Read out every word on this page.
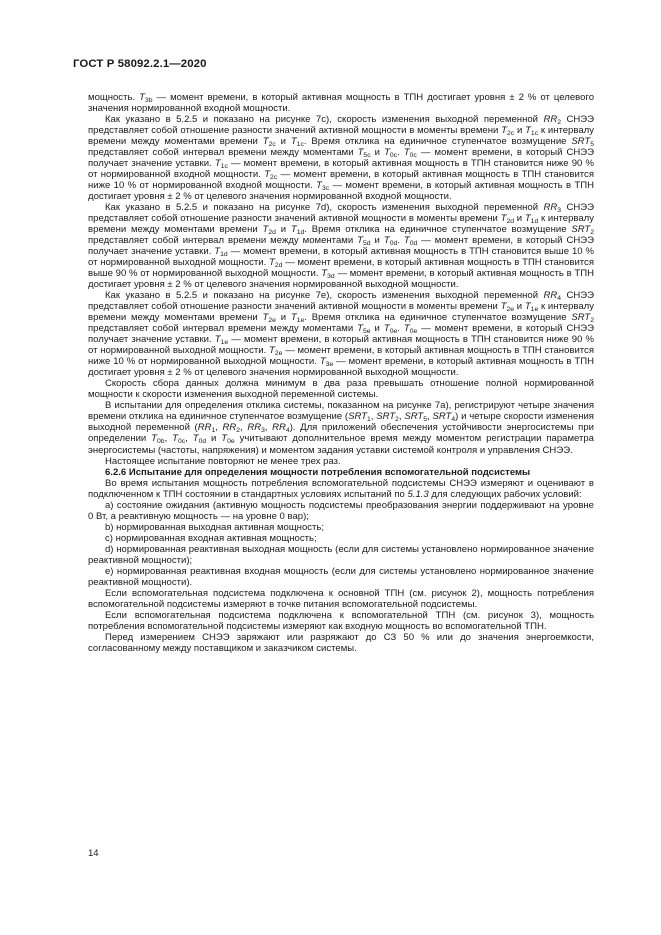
ГОСТ Р 58092.2.1—2020

мощность. $T_{3b}$ — момент времени, в который активная мощность в ТПН достигает уровня ± 2 % от целевого значения нормированной входной мощности.

Как указано в 5.2.5 и показано на рисунке 7c), скорость изменения выходной переменной $RR_2$ СНЭЭ представляет собой отношение разности значений активной мощности в моменты времени $T_{2c}$ и $T_{1c}$ к интервалу времени между моментами времени $T_{2c}$ и $T_{1c}$. Время отклика на единичное ступенчатое возмущение $SRT_5$ представляет собой интервал времени между моментами $T_{5c}$ и $T_{0c}$. $T_{0c}$ — момент времени, в который СНЭЭ получает значение уставки. $T_{1c}$ — момент времени, в который активная мощность в ТПН становится ниже 90 % от нормированной входной мощности. $T_{2c}$ — момент времени, в который активная мощность в ТПН становится ниже 10 % от нормированной входной мощности. $T_{3c}$ — момент времени, в который активная мощность в ТПН достигает уровня ± 2 % от целевого значения нормированной входной мощности.

Как указано в 5.2.5 и показано на рисунке 7d), скорость изменения выходной переменной $RR_3$ СНЭЭ представляет собой отношение разности значений активной мощности в моменты времени $T_{2d}$ и $T_{1d}$ к интервалу времени между моментами времени $T_{2d}$ и $T_{1d}$. Время отклика на единичное ступенчатое возмущение $SRT_2$ представляет собой интервал времени между моментами $T_{5d}$ и $T_{0d}$. $T_{0d}$ — момент времени, в который СНЭЭ получает значение уставки. $T_{1d}$ — момент времени, в который активная мощность в ТПН становится выше 10 % от нормированной выходной мощности. $T_{2d}$ — момент времени, в который активная мощность в ТПН становится выше 90 % от нормированной выходной мощности. $T_{3d}$ — момент времени, в который активная мощность в ТПН достигает уровня ± 2 % от целевого значения нормированной выходной мощности.

Как указано в 5.2.5 и показано на рисунке 7e), скорость изменения выходной переменной $RR_4$ СНЭЭ представляет собой отношение разности значений активной мощности в моменты времени $T_{2e}$ и $T_{1e}$ к интервалу времени между моментами времени $T_{2e}$ и $T_{1e}$. Время отклика на единичное ступенчатое возмущение $SRT_2$ представляет собой интервал времени между моментами $T_{5e}$ и $T_{0e}$. $T_{0e}$ — момент времени, в который СНЭЭ получает значение уставки. $T_{1e}$ — момент времени, в который активная мощность в ТПН становится ниже 90 % от нормированной выходной мощности. $T_{2e}$ — момент времени, в который активная мощность в ТПН становится ниже 10 % от нормированной выходной мощности. $T_{3e}$ — момент времени, в который активная мощность в ТПН достигает уровня ± 2 % от целевого значения нормированной выходной мощности.

Скорость сбора данных должна минимум в два раза превышать отношение полной нормированной мощности к скорости изменения выходной переменной системы.

В испытании для определения отклика системы, показанном на рисунке 7a), регистрируют четыре значения времени отклика на единичное ступенчатое возмущение ($SRT_1$, $SRT_2$, $SRT_5$, $SRT_4$) и четыре скорости изменения выходной переменной ($RR_1$, $RR_2$, $RR_3$, $RR_4$). Для приложений обеспечения устойчивости энергосистемы при определении $T_{0b}$, $T_{0c}$, $T_{0d}$ и $T_{0e}$ учитывают дополнительное время между моментом регистрации параметра энергосистемы (частоты, напряжения) и моментом задания уставки системой контроля и управления СНЭЭ.

Настоящее испытание повторяют не менее трех раз.

6.2.6 Испытание для определения мощности потребления вспомогательной подсистемы

Во время испытания мощность потребления вспомогательной подсистемы СНЭЭ измеряют и оценивают в подключенном к ТПН состоянии в стандартных условиях испытаний по 5.1.3 для следующих рабочих условий:

а) состояние ожидания (активную мощность подсистемы преобразования энергии поддерживают на уровне 0 Вт, а реактивную мощность — на уровне 0 вар);

b) нормированная выходная активная мощность;

c) нормированная входная активная мощность;

d) нормированная реактивная выходная мощность (если для системы установлено нормированное значение реактивной мощности);

e) нормированная реактивная входная мощность (если для системы установлено нормированное значение реактивной мощности).

Если вспомогательная подсистема подключена к основной ТПН (см. рисунок 2), мощность потребления вспомогательной подсистемы измеряют в точке питания вспомогательной подсистемы.

Если вспомогательная подсистема подключена к вспомогательной ТПН (см. рисунок 3), мощность потребления вспомогательной подсистемы измеряют как входную мощность во вспомогательной ТПН.

Перед измерением СНЭЭ заряжают или разряжают до СЗ 50 % или до значения энергоемкости, согласованному между поставщиком и заказчиком системы.

14
